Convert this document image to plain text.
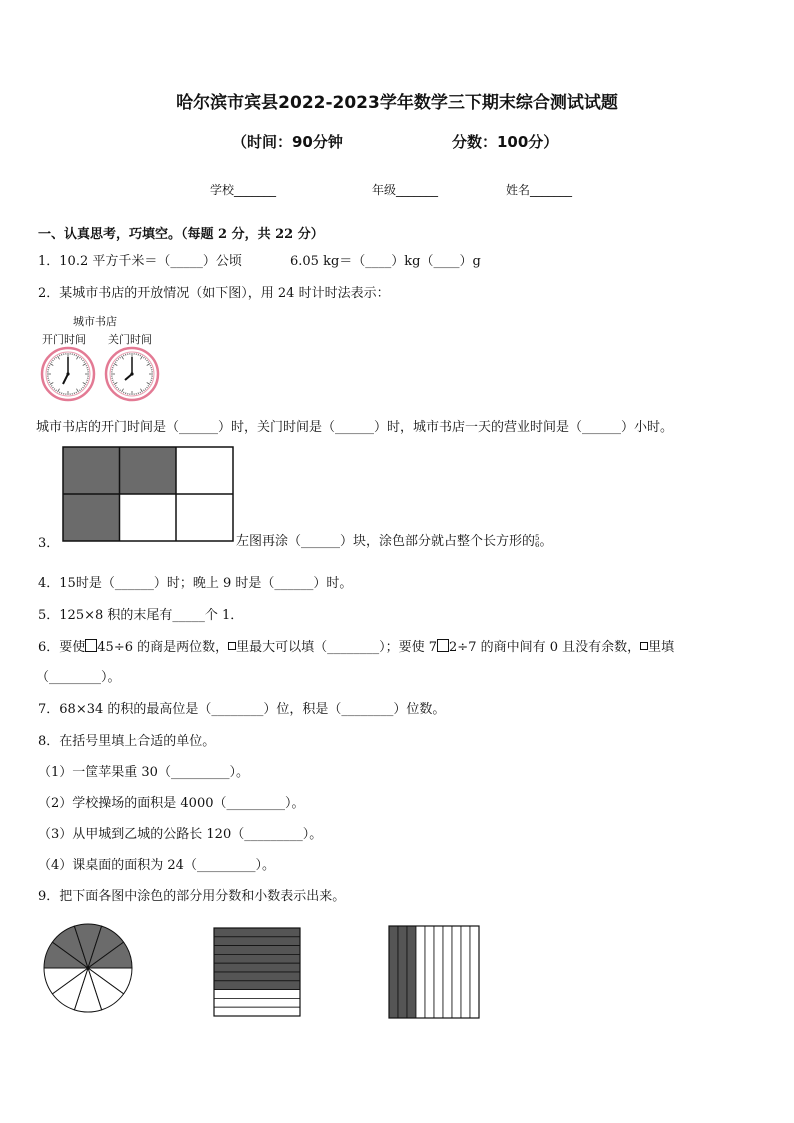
哈尔滨市宾县2022-2023学年数学三下期末综合测试试题
（时间：90分钟	分数：100分）
学校_______	年级_______	姓名_______
一、认真思考，巧填空。（每题 2 分，共 22 分）
1．10.2 平方千米＝（_____）公顷	6.05 kg＝（____）kg（____）g
2．某城市书店的开放情况（如下图），用 24 时计时法表示：
城市书店
开门时间 关门时间
城市书店的开门时间是（______）时，关门时间是（______）时，城市书店一天的营业时间是（______）小时。
3．	左图再涂（______）块，涂色部分就占整个长方形的 5
6 。
4．15时是（______）时；晚上 9 时是（______）时。
5．125×8 积的末尾有_____个 1．
6．要使 45÷6 的商是两位数， 里最大可以填（________）；要使 7 2÷7 的商中间有 0 且没有余数， 里填
（________）。
7．68×34 的积的最高位是（________）位，积是（________）位数。
8．在括号里填上合适的单位。
（1）一筐苹果重 30（_________）。
（2）学校操场的面积是 4000（_________）。
（3）从甲城到乙城的公路长 120（_________）。
（4）课桌面的面积为 24（_________）。
9．把下面各图中涂色的部分用分数和小数表示出来。
